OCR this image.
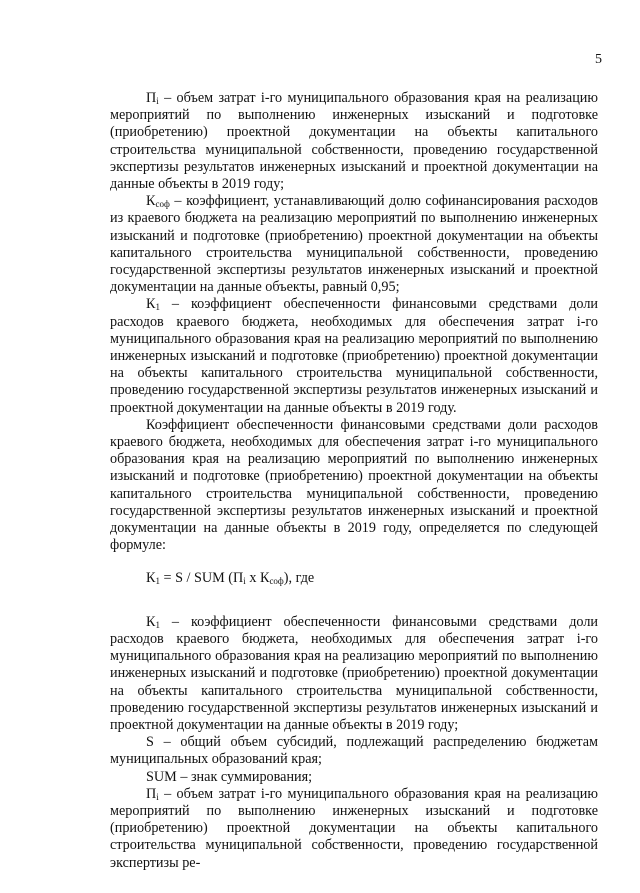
5

$П_i$ – объем затрат i-го муниципального образования края на реализацию мероприятий по выполнению инженерных изысканий и подготовке (приобретению) проектной документации на объекты капитального строительства муниципальной собственности, проведению государственной экспертизы результатов инженерных изысканий и проектной документации на данные объекты в 2019 году;

$К_{соф}$ – коэффициент, устанавливающий долю софинансирования расходов из краевого бюджета на реализацию мероприятий по выполнению инженерных изысканий и подготовке (приобретению) проектной документации на объекты капитального строительства муниципальной собственности, проведению государственной экспертизы результатов инженерных изысканий и проектной документации на данные объекты, равный 0,95;

$К_1$ – коэффициент обеспеченности финансовыми средствами доли расходов краевого бюджета, необходимых для обеспечения затрат i-го муниципального образования края на реализацию мероприятий по выполнению инженерных изысканий и подготовке (приобретению) проектной документации на объекты капитального строительства муниципальной собственности, проведению государственной экспертизы результатов инженерных изысканий и проектной документации на данные объекты в 2019 году.

Коэффициент обеспеченности финансовыми средствами доли расходов краевого бюджета, необходимых для обеспечения затрат i-го муниципального образования края на реализацию мероприятий по выполнению инженерных изысканий и подготовке (приобретению) проектной документации на объекты капитального строительства муниципальной собственности, проведению государственной экспертизы результатов инженерных изысканий и проектной документации на данные объекты в 2019 году, определяется по следующей формуле:

$К_1 = S$ / SUM ($П_i$ x $К_{соф}$), где

$К_1$ – коэффициент обеспеченности финансовыми средствами доли расходов краевого бюджета, необходимых для обеспечения затрат i-го муниципального образования края на реализацию мероприятий по выполнению инженерных изысканий и подготовке (приобретению) проектной документации на объекты капитального строительства муниципальной собственности, проведению государственной экспертизы результатов инженерных изысканий и проектной документации на данные объекты в 2019 году;

S – общий объем субсидий, подлежащий распределению бюджетам муниципальных образований края;

SUM – знак суммирования;

$П_i$ – объем затрат i-го муниципального образования края на реализацию мероприятий по выполнению инженерных изысканий и подготовке (приобретению) проектной документации на объекты капитального строительства муниципальной собственности, проведению государственной экспертизы ре-
